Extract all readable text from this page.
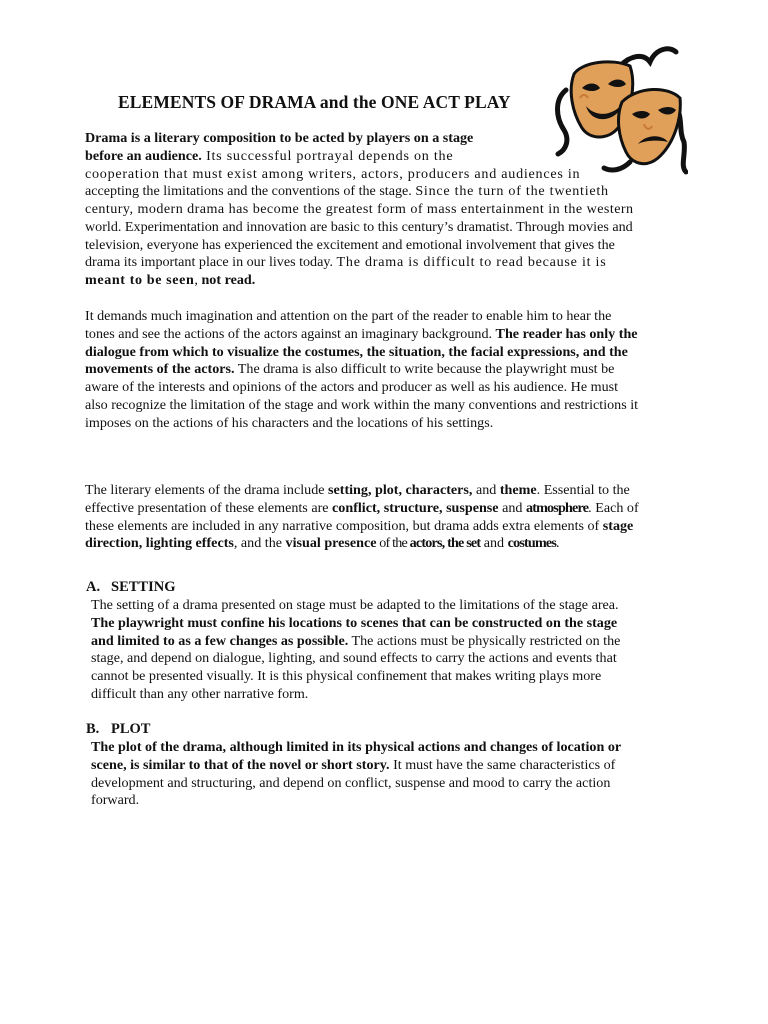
ELEMENTS OF DRAMA and the ONE ACT PLAY
Drama is a literary composition to be acted by players on a stage
before an audience. Its successful portrayal depends on the
cooperation that must exist among writers, actors, producers and audiences in
accepting the limitations and the conventions of the stage. Since the turn of the twentieth
century, modern drama has become the greatest form of mass entertainment in the western
world. Experimentation and innovation are basic to this century’s dramatist. Through movies and
television, everyone has experienced the excitement and emotional involvement that gives the
drama its important place in our lives today. The drama is difficult to read because it is
meant to be seen, not read.
It demands much imagination and attention on the part of the reader to enable him to hear the
tones and see the actions of the actors against an imaginary background. The reader has only the
dialogue from which to visualize the costumes, the situation, the facial expressions, and the
movements of the actors. The drama is also difficult to write because the playwright must be
aware of the interests and opinions of the actors and producer as well as his audience. He must
also recognize the limitation of the stage and work within the many conventions and restrictions it
imposes on the actions of his characters and the locations of his settings.
The literary elements of the drama include setting, plot, characters, and theme. Essential to the
effective presentation of these elements are conflict, structure, suspense and atmosphere. Each of
these elements are included in any narrative composition, but drama adds extra elements of stage
direction, lighting effects, and the visual presence of the actors, the set and costumes.
A. SETTING
The setting of a drama presented on stage must be adapted to the limitations of the stage area.
The playwright must confine his locations to scenes that can be constructed on the stage
and limited to as a few changes as possible. The actions must be physically restricted on the
stage, and depend on dialogue, lighting, and sound effects to carry the actions and events that
cannot be presented visually. It is this physical confinement that makes writing plays more
difficult than any other narrative form.
B. PLOT
The plot of the drama, although limited in its physical actions and changes of location or
scene, is similar to that of the novel or short story. It must have the same characteristics of
development and structuring, and depend on conflict, suspense and mood to carry the action
forward.
